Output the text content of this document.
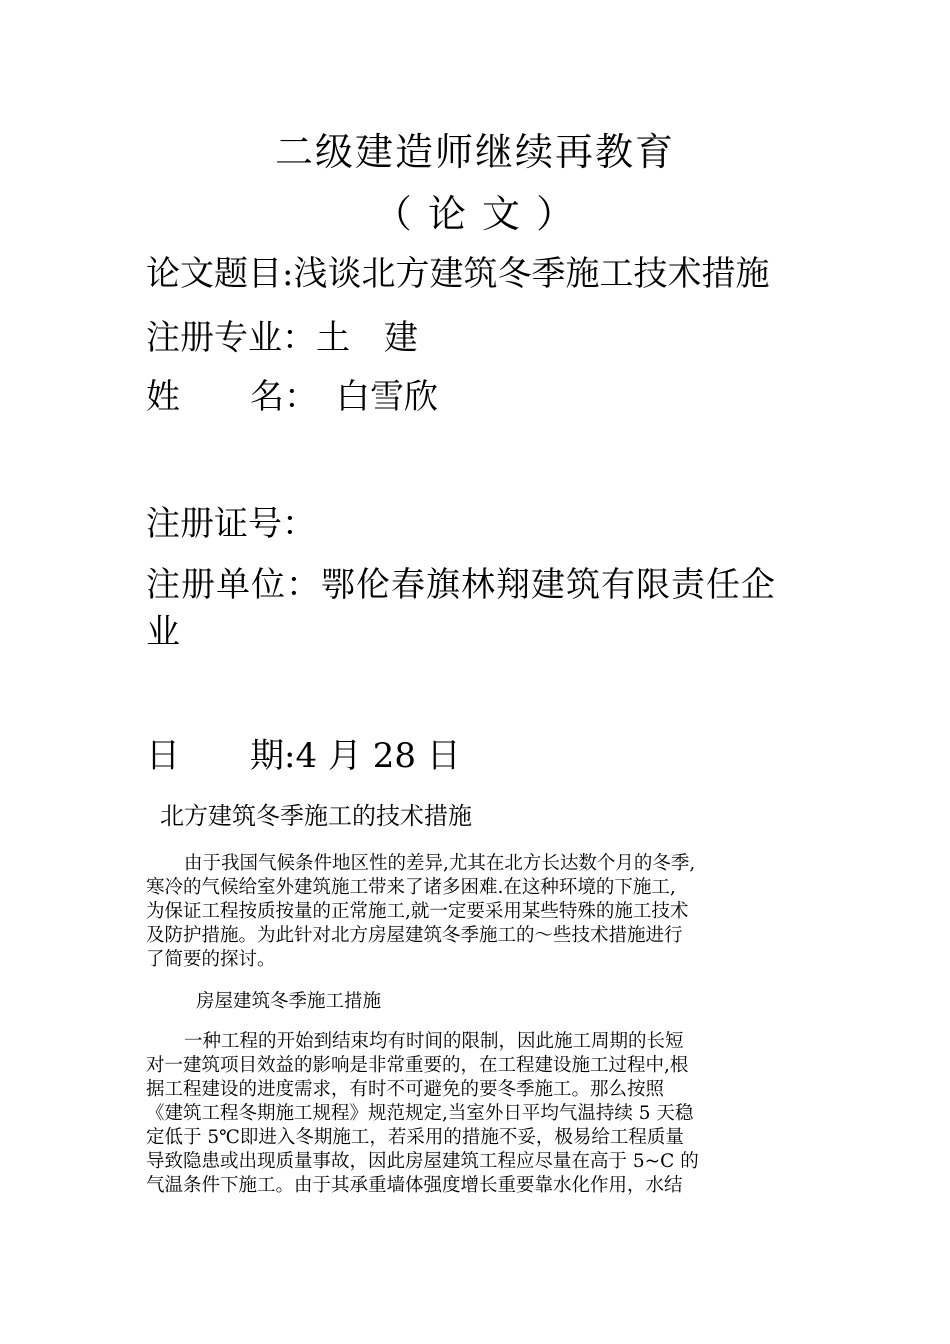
二级建造师继续再教育
（ 论 文 ）
论文题目:浅谈北方建筑冬季施工技术措施
注册专业：土　建
姓 名： 白雪欣
注册证号：
注册单位：鄂伦春旗林翔建筑有限责任企
业
日 期:4 月 28 日
北方建筑冬季施工的技术措施
由于我国气候条件地区性的差异,尤其在北方长达数个月的冬季,
寒冷的气候给室外建筑施工带来了诸多困难.在这种环境的下施工,
为保证工程按质按量的正常施工,就一定要采用某些特殊的施工技术
及防护措施。为此针对北方房屋建筑冬季施工的～些技术措施进行
了简要的探讨。
房屋建筑冬季施工措施
一种工程的开始到结束均有时间的限制，因此施工周期的长短
对一建筑项目效益的影响是非常重要的，在工程建设施工过程中,根
据工程建设的进度需求，有时不可避免的要冬季施工。那么按照
《建筑工程冬期施工规程》规范规定,当室外日平均气温持续 5 天稳
定低于 5℃即进入冬期施工，若采用的措施不妥，极易给工程质量
导致隐患或出现质量事故，因此房屋建筑工程应尽量在高于 5~C 的
气温条件下施工。由于其承重墙体强度增长重要靠水化作用，水结
